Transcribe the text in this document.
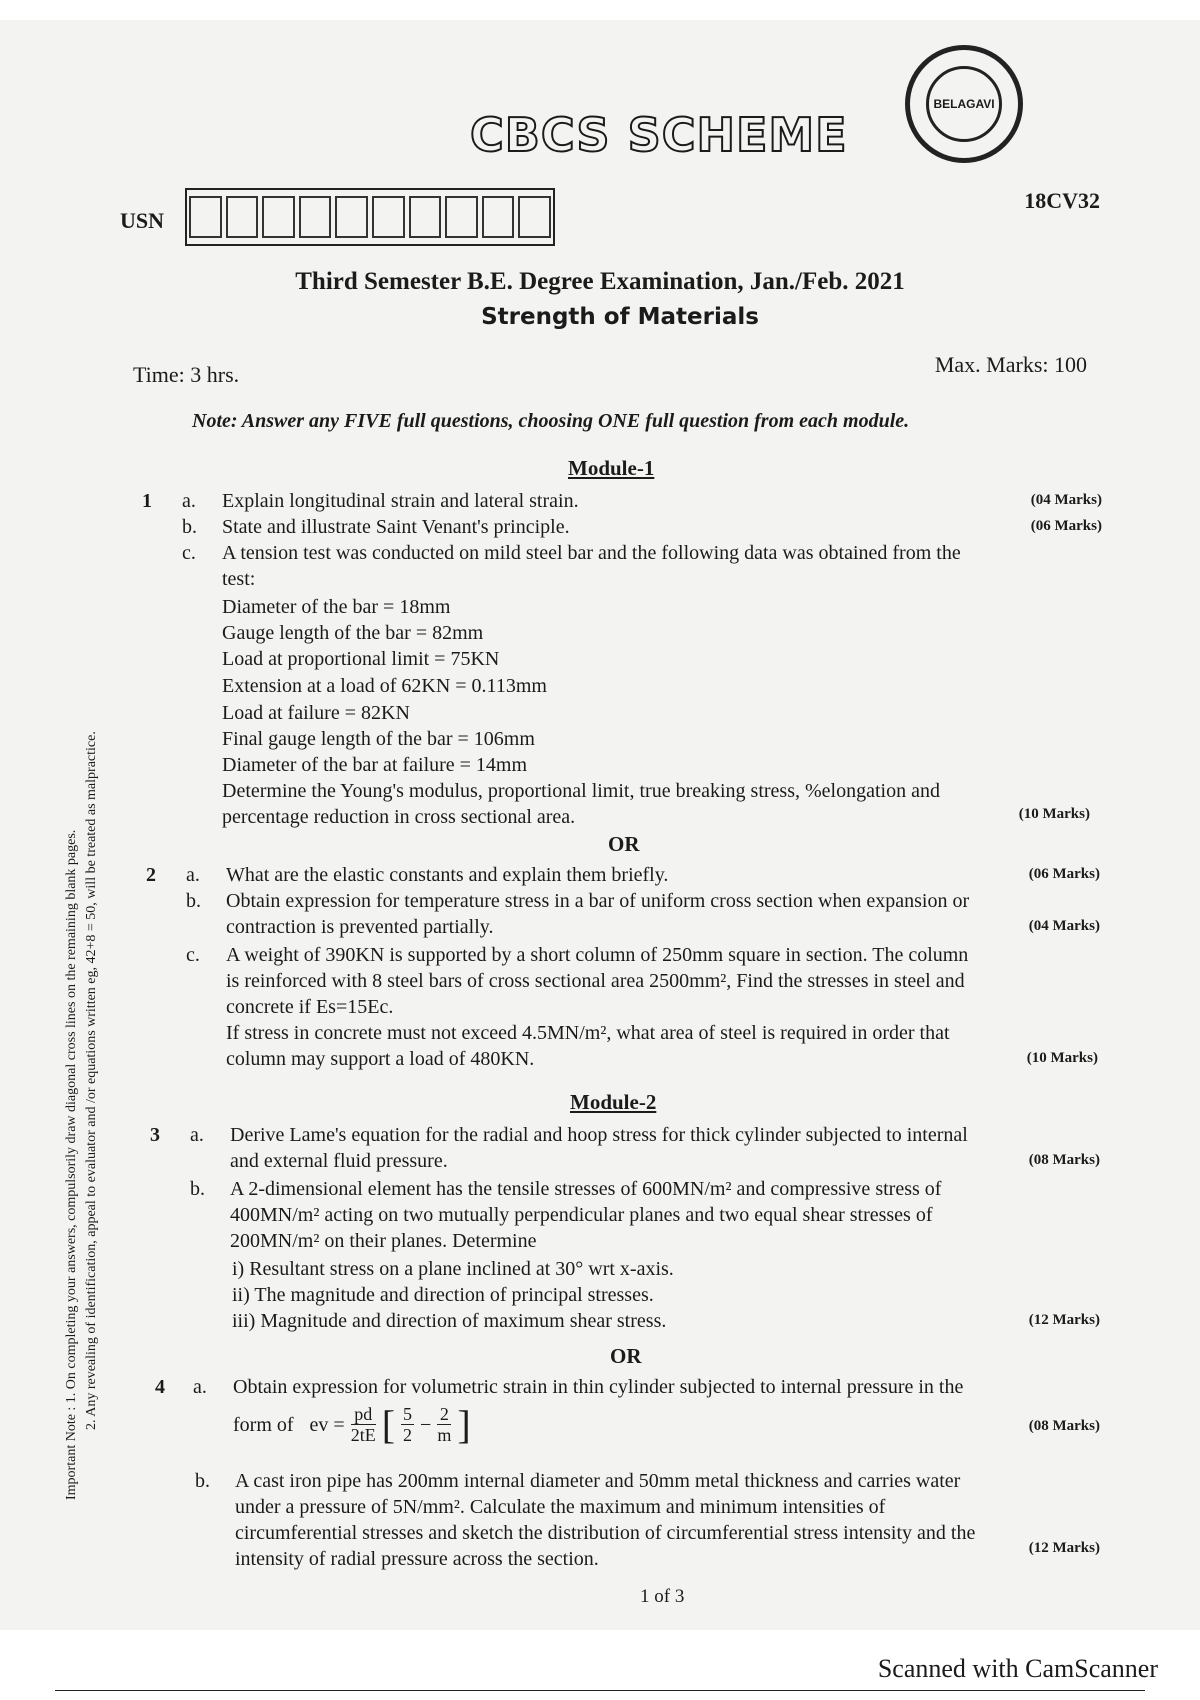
BELAGAVI
CBCS SCHEME
18CV32
USN
Third Semester B.E. Degree Examination, Jan./Feb. 2021
Strength of Materials
Time: 3 hrs.	Max. Marks: 100
Note: Answer any FIVE full questions, choosing ONE full question from each module.
Module-1
1 a. Explain longitudinal strain and lateral strain.	(04 Marks)
b. State and illustrate Saint Venant's principle.	(06 Marks)
c. A tension test was conducted on mild steel bar and the following data was obtained from the
test:
Diameter of the bar = 18mm
Gauge length of the bar = 82mm
Load at proportional limit = 75KN
Extension at a load of 62KN = 0.113mm
Load at failure = 82KN
Final gauge length of the bar = 106mm
Diameter of the bar at failure = 14mm
Determine the Young's modulus, proportional limit, true breaking stress, %elongation and
percentage reduction in cross sectional area.	(10 Marks)
OR
2 a. What are the elastic constants and explain them briefly.	(06 Marks)
b. Obtain expression for temperature stress in a bar of uniform cross section when expansion or
contraction is prevented partially.	(04 Marks)
c. A weight of 390KN is supported by a short column of 250mm square in section. The column
is reinforced with 8 steel bars of cross sectional area 2500mm², Find the stresses in steel and
concrete if Es=15Ec.
If stress in concrete must not exceed 4.5MN/m², what area of steel is required in order that
column may support a load of 480KN.	(10 Marks)
Module-2
3 a. Derive Lame's equation for the radial and hoop stress for thick cylinder subjected to internal
and external fluid pressure.	(08 Marks)
b. A 2-dimensional element has the tensile stresses of 600MN/m² and compressive stress of
400MN/m² acting on two mutually perpendicular planes and two equal shear stresses of
200MN/m² on their planes. Determine
i) Resultant stress on a plane inclined at 30° wrt x-axis.
ii) The magnitude and direction of principal stresses.
iii) Magnitude and direction of maximum shear stress.	(12 Marks)
OR
4 a. Obtain expression for volumetric strain in thin cylinder subjected to internal pressure in the
form of ev = $\frac{pd}{2tE}$ [ $\frac{5}{2} - \frac{2}{m}$ ]	(08 Marks)
b. A cast iron pipe has 200mm internal diameter and 50mm metal thickness and carries water
under a pressure of 5N/mm². Calculate the maximum and minimum intensities of
circumferential stresses and sketch the distribution of circumferential stress intensity and the
intensity of radial pressure across the section.	(12 Marks)
Important Note : 1. On completing your answers, compulsorily draw diagonal cross lines on the remaining blank pages. 2. Any revealing of identification, appeal to evaluator and /or equations written eg, 42+8 = 50, will be treated as malpractice.
1 of 3
Scanned with CamScanner
